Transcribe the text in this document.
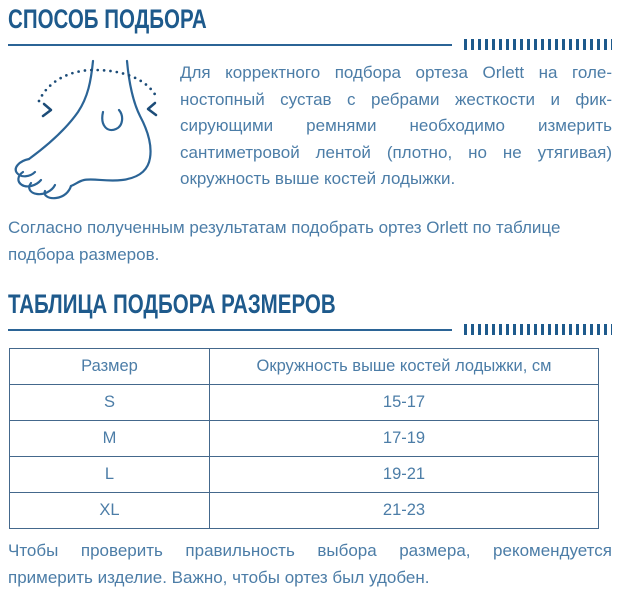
СПОСОБ ПОДБОРА

Для корректного подбора ортеза Orlett на голеностопный сустав с ребрами жесткости и фиксирующими ремнями необходимо измерить сантиметровой лентой (плотно, но не утягивая) окружность выше костей лодыжки.

Согласно полученным результатам подобрать ортез Orlett по таблице подбора размеров.

ТАБЛИЦА ПОДБОРА РАЗМЕРОВ
Размер	Окружность выше костей лодыжки, см
S	15-17
M	17-19
L	19-21
XL	21-23

Чтобы проверить правильность выбора размера, рекомендуется примерить изделие. Важно, чтобы ортез был удобен.
